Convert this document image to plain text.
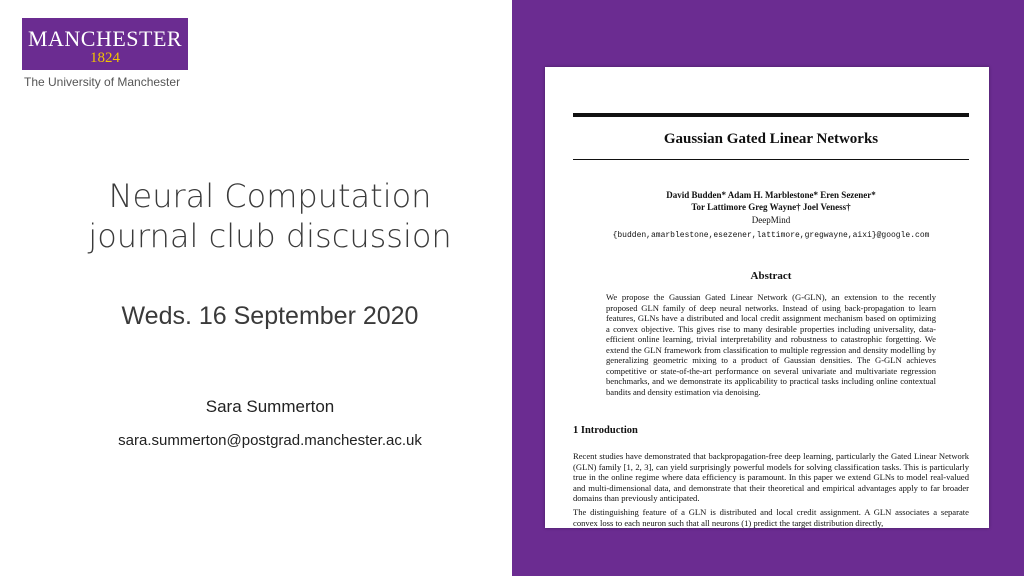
MANCHESTER
1824
The University of Manchester
Neural Computation
journal club discussion
Weds. 16 September 2020
Sara Summerton
sara.summerton@postgrad.manchester.ac.uk
Gaussian Gated Linear Networks
David Budden* Adam H. Marblestone* Eren Sezener*
Tor Lattimore Greg Wayne† Joel Veness†
DeepMind
{budden,amarblestone,esezener,lattimore,gregwayne,aixi}@google.com
Abstract
We propose the Gaussian Gated Linear Network (G-GLN), an extension to the recently proposed GLN family of deep neural networks. Instead of using back-propagation to learn features, GLNs have a distributed and local credit assignment mechanism based on optimizing a convex objective. This gives rise to many desirable properties including universality, data-efficient online learning, trivial interpretability and robustness to catastrophic forgetting. We extend the GLN framework from classification to multiple regression and density modelling by generalizing geometric mixing to a product of Gaussian densities. The G-GLN achieves competitive or state-of-the-art performance on several univariate and multivariate regression benchmarks, and we demonstrate its applicability to practical tasks including online contextual bandits and density estimation via denoising.
1 Introduction
Recent studies have demonstrated that backpropagation-free deep learning, particularly the Gated Linear Network (GLN) family [1, 2, 3], can yield surprisingly powerful models for solving classification tasks. This is particularly true in the online regime where data efficiency is paramount. In this paper we extend GLNs to model real-valued and multi-dimensional data, and demonstrate that their theoretical and empirical advantages apply to far broader domains than previously anticipated.
The distinguishing feature of a GLN is distributed and local credit assignment. A GLN associates a separate convex loss to each neuron such that all neurons (1) predict the target distribution directly,
